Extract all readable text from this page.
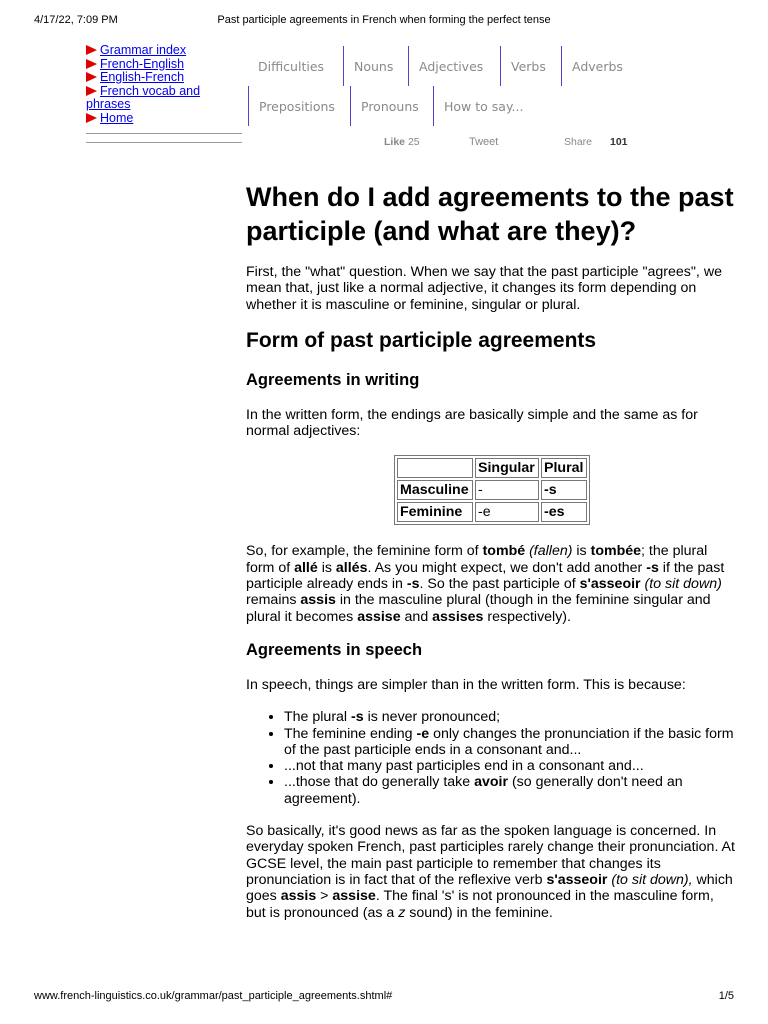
4/17/22, 7:09 PM	Past participle agreements in French when forming the perfect tense
Grammar index
French-English
English-French
French vocab and
phrases
Home
Difficulties	Nouns	Adjectives	Verbs	Adverbs
Prepositions	Pronouns	How to say...
Like 25	Tweet	Share 101
When do I add agreements to the past participle (and what are they)?

First, the "what" question. When we say that the past participle "agrees", we mean that, just like a normal adjective, it changes its form depending on whether it is masculine or feminine, singular or plural.

Form of past participle agreements
Agreements in writing

In the written form, the endings are basically simple and the same as for normal adjectives:

	Singular	Plural
Masculine	-	-s
Feminine	-e	-es

So, for example, the feminine form of tombé (fallen) is tombée; the plural form of allé is allés. As you might expect, we don't add another -s if the past participle already ends in -s. So the past participle of s'asseoir (to sit down) remains assis in the masculine plural (though in the feminine singular and plural it becomes assise and assises respectively).

Agreements in speech

In speech, things are simpler than in the written form. This is because:

• The plural -s is never pronounced;
• The feminine ending -e only changes the pronunciation if the basic form of the past participle ends in a consonant and...
• ...not that many past participles end in a consonant and...
• ...those that do generally take avoir (so generally don't need an agreement).

So basically, it's good news as far as the spoken language is concerned. In everyday spoken French, past participles rarely change their pronunciation. At GCSE level, the main past participle to remember that changes its pronunciation is in fact that of the reflexive verb s'asseoir (to sit down), which goes assis > assise. The final 's' is not pronounced in the masculine form, but is pronounced (as a z sound) in the feminine.

www.french-linguistics.co.uk/grammar/past_participle_agreements.shtml#	1/5
